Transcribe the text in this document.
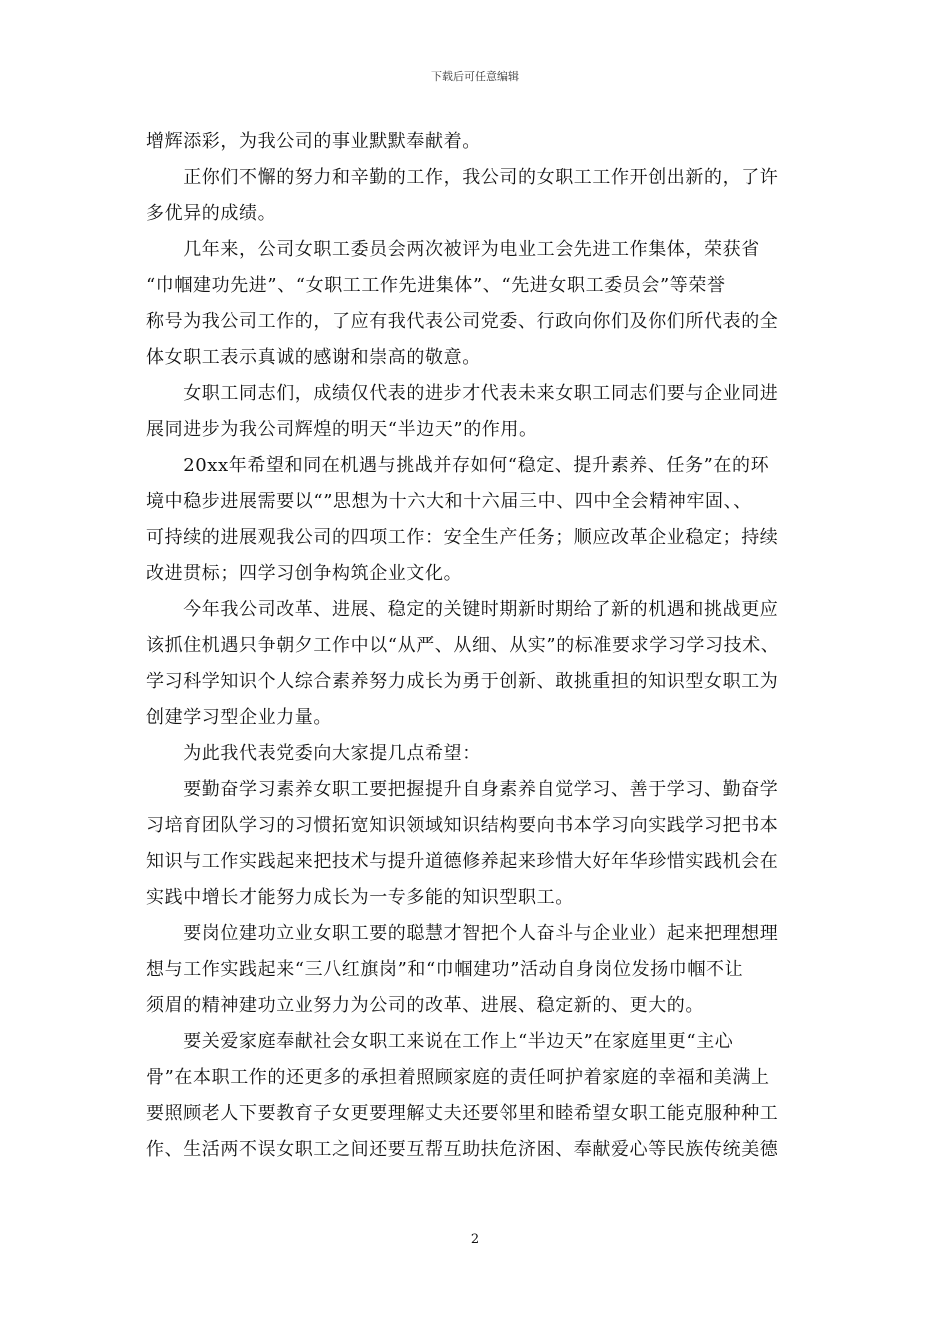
下载后可任意编辑
增辉添彩，为我公司的事业默默奉献着。
　　正你们不懈的努力和辛勤的工作，我公司的女职工工作开创出新的，了许
多优异的成绩。
　　几年来，公司女职工委员会两次被评为电业工会先进工作集体，荣获省
“巾帼建功先进”、“女职工工作先进集体”、“先进女职工委员会”等荣誉
称号为我公司工作的，了应有我代表公司党委、行政向你们及你们所代表的全
体女职工表示真诚的感谢和崇高的敬意。
　　女职工同志们，成绩仅代表的进步才代表未来女职工同志们要与企业同进
展同进步为我公司辉煌的明天“半边天”的作用。
　　20xx年希望和同在机遇与挑战并存如何“稳定、提升素养、任务”在的环
境中稳步进展需要以“”思想为十六大和十六届三中、四中全会精神牢固、、
可持续的进展观我公司的四项工作：安全生产任务；顺应改革企业稳定；持续
改进贯标；四学习创争构筑企业文化。
　　今年我公司改革、进展、稳定的关键时期新时期给了新的机遇和挑战更应
该抓住机遇只争朝夕工作中以“从严、从细、从实”的标准要求学习学习技术、
学习科学知识个人综合素养努力成长为勇于创新、敢挑重担的知识型女职工为
创建学习型企业力量。
　　为此我代表党委向大家提几点希望：
　　要勤奋学习素养女职工要把握提升自身素养自觉学习、善于学习、勤奋学
习培育团队学习的习惯拓宽知识领域知识结构要向书本学习向实践学习把书本
知识与工作实践起来把技术与提升道德修养起来珍惜大好年华珍惜实践机会在
实践中增长才能努力成长为一专多能的知识型职工。
　　要岗位建功立业女职工要的聪慧才智把个人奋斗与企业业）起来把理想理
想与工作实践起来“三八红旗岗”和“巾帼建功”活动自身岗位发扬巾帼不让
须眉的精神建功立业努力为公司的改革、进展、稳定新的、更大的。
　　要关爱家庭奉献社会女职工来说在工作上“半边天”在家庭里更“主心
骨”在本职工作的还更多的承担着照顾家庭的责任呵护着家庭的幸福和美满上
要照顾老人下要教育子女更要理解丈夫还要邻里和睦希望女职工能克服种种工
作、生活两不误女职工之间还要互帮互助扶危济困、奉献爱心等民族传统美德
2
